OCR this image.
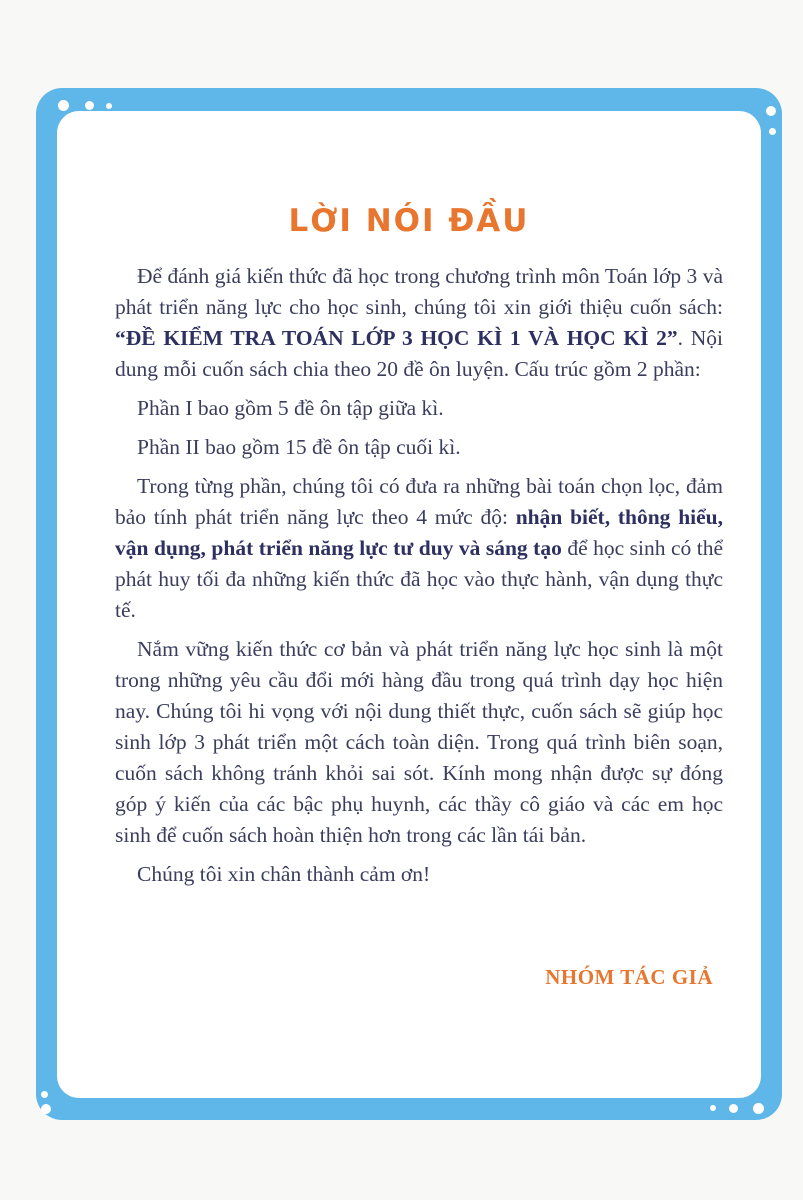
LỜI NÓI ĐẦU

Để đánh giá kiến thức đã học trong chương trình môn Toán lớp 3 và phát triển năng lực cho học sinh, chúng tôi xin giới thiệu cuốn sách: “ĐỀ KIỂM TRA TOÁN LỚP 3 HỌC KÌ 1 VÀ HỌC KÌ 2”. Nội dung mỗi cuốn sách chia theo 20 đề ôn luyện. Cấu trúc gồm 2 phần:

Phần I bao gồm 5 đề ôn tập giữa kì.

Phần II bao gồm 15 đề ôn tập cuối kì.

Trong từng phần, chúng tôi có đưa ra những bài toán chọn lọc, đảm bảo tính phát triển năng lực theo 4 mức độ: nhận biết, thông hiểu, vận dụng, phát triển năng lực tư duy và sáng tạo để học sinh có thể phát huy tối đa những kiến thức đã học vào thực hành, vận dụng thực tế.

Nắm vững kiến thức cơ bản và phát triển năng lực học sinh là một trong những yêu cầu đổi mới hàng đầu trong quá trình dạy học hiện nay. Chúng tôi hi vọng với nội dung thiết thực, cuốn sách sẽ giúp học sinh lớp 3 phát triển một cách toàn diện. Trong quá trình biên soạn, cuốn sách không tránh khỏi sai sót. Kính mong nhận được sự đóng góp ý kiến của các bậc phụ huynh, các thầy cô giáo và các em học sinh để cuốn sách hoàn thiện hơn trong các lần tái bản.

Chúng tôi xin chân thành cảm ơn!

NHÓM TÁC GIẢ
